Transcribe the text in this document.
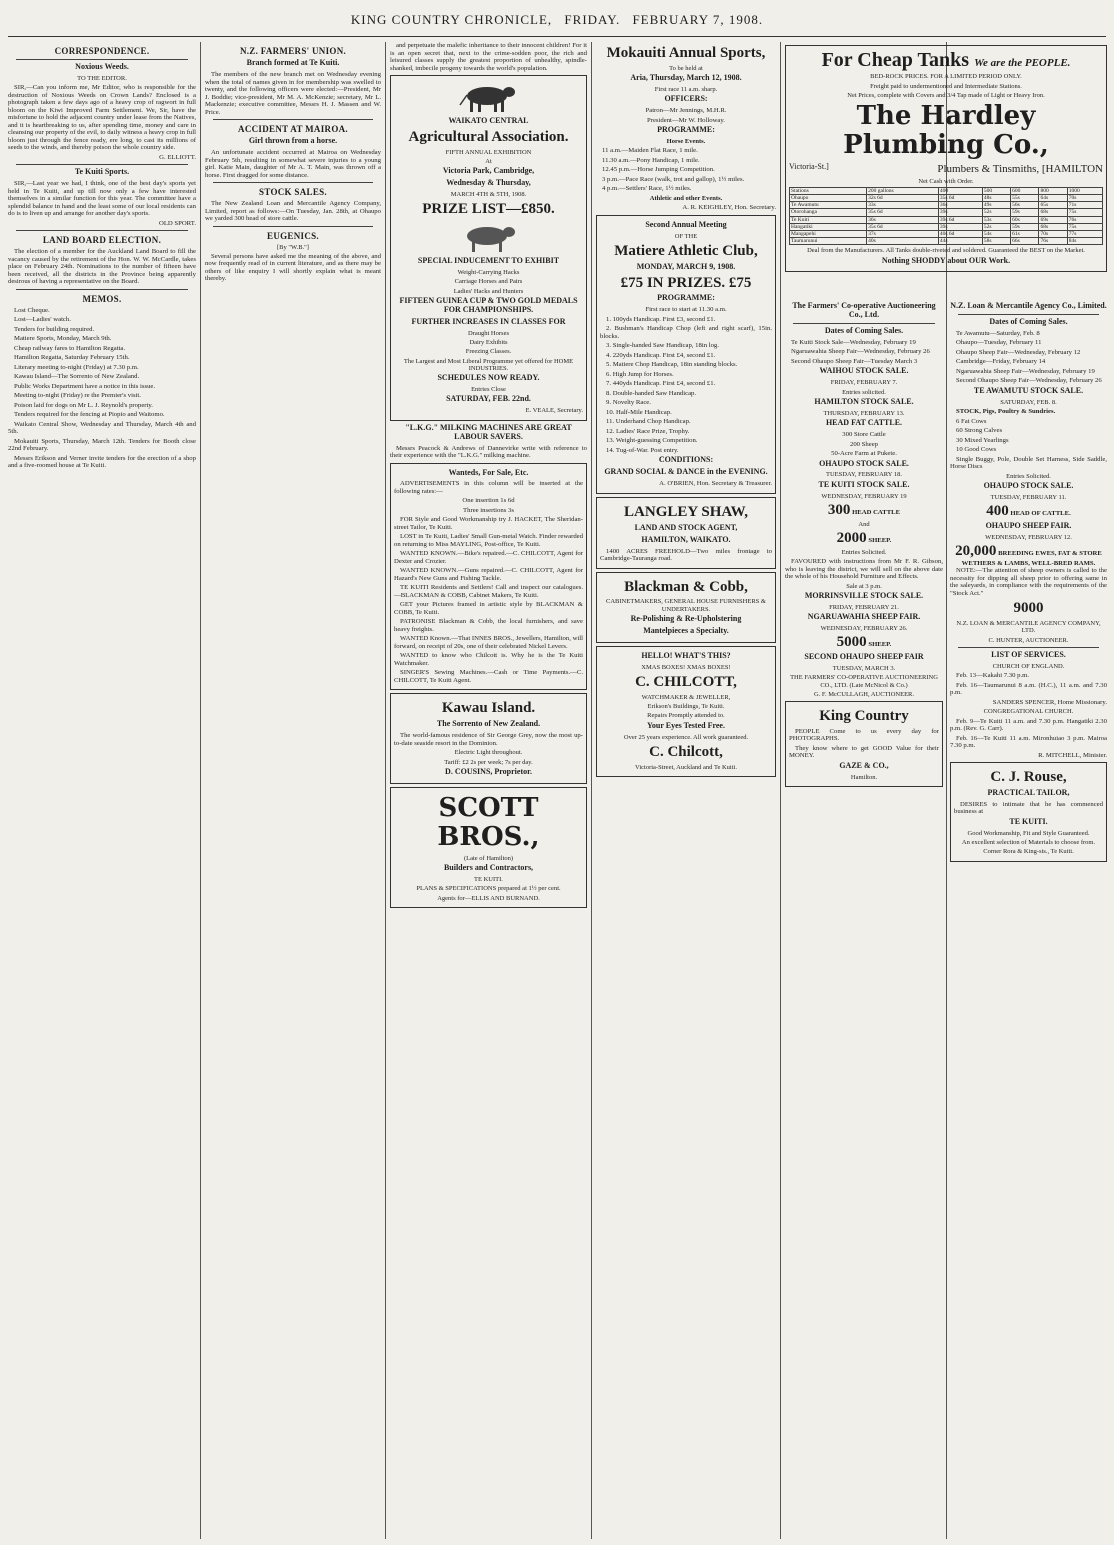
KING COUNTRY CHRONICLE, FRIDAY. FEBRUARY 7, 1908.
CORRESPONDENCE.
Noxious Weeds.
TO THE EDITOR.

SIR,—Can you inform me, Mr Editor, who is responsible for the destruction of Noxious Weeds on Crown Lands? Enclosed is a photograph taken a few days ago of a heavy crop of ragwort in full bloom on the Kiwi Improved Farm Settlement. We, Sir, have the misfortune to hold the adjacent country under lease from the Natives, and it is heartbreaking to us, after spending time, money and care in cleansing our property of the evil, to daily witness a heavy crop in full bloom just through the fence ready, ere long, to cast its millions of seeds to the winds, and thereby poison the whole country side.

G. ELLIOTT.

Te Kuiti Sports.

SIR,—Last year we had, I think, one of the best day's sports yet held in Te Kuiti, and up till now only a few have interested themselves in a similar function for this year. The committee have a splendid balance in hand and the least some of our local residents can do is to liven up and arrange for another day's sports.

OLD SPORT.

LAND BOARD ELECTION.

The election of a member for the Auckland Land Board to fill the vacancy caused by the retirement of the Hon. W. W. McCardle, takes place on February 24th. Nominations to the number of fifteen have been received, all the districts in the Province being apparently desirous of having a representative on the Board.

MEMOS.

Lost Cheque.

Lost—Ladies' watch.

Tenders for building required.

Matiere Sports, Monday, March 9th.

Cheap railway fares to Hamilton Regatta.

Hamilton Regatta, Saturday February 15th.

Literary meeting to-night (Friday) at 7.30 p.m.

Kawau Island—The Sorrento of New Zealand.

Public Works Department have a notice in this issue.

Meeting to-night (Friday) re the Premier's visit.

Poison laid for dogs on Mr L. J. Reynold's property.

Tenders required for the fencing at Piopio and Waitomo.

Waikato Central Show, Wednesday and Thursday, March 4th and 5th.

Mokauiti Sports, Thursday, March 12th. Tenders for Booth close 22nd February.

Messrs Erikson and Verner invite tenders for the erection of a shop and a five-roomed house at Te Kuiti.

N.Z. FARMERS' UNION.
Branch formed at Te Kuiti.

The members of the new branch met on Wednesday evening when the total of names given in for membership was swelled to twenty, and the following officers were elected:—President, Mr J. Boddie; vice-president, Mr M. A. McKenzie; secretary, Mr L. Mackenzie; executive committee, Messrs H. J. Massen and W. Price.

ACCIDENT AT MAIROA.
Girl thrown from a horse.

An unfortunate accident occurred at Mairoa on Wednesday February 5th, resulting in somewhat severe injuries to a young girl. Katie Main, daughter of Mr A. T. Main, was thrown off a horse. First dragged for some distance.

STOCK SALES.

The New Zealand Loan and Mercantile Agency Company, Limited, report as follows:—On Tuesday, Jan. 28th, at Ohaupo we yarded 300 head of store cattle.

EUGENICS.
[By "W.B."]

Several persons have asked me the meaning of the above, and now frequently read of in current literature, and as there may be others of like enquiry I will shortly explain what is meant thereby.

and perpetuate the malefic inheritance to their innocent children! For it is an open secret that, next to the crime-sodden poor, the rich and leisured classes supply the greatest proportion of unhealthy, spindle-shanked, imbecile progeny towards the world's population.

WAIKATO CENTRAL
Agricultural Association.
FIFTH ANNUAL EXHIBITION
At
Victoria Park, Cambridge,
Wednesday & Thursday,
MARCH 4TH & 5TH, 1908.
PRIZE LIST—£850.
SPECIAL INDUCEMENT TO EXHIBIT
Weight-Carrying Hacks
Carriage Horses and Pairs
Ladies' Hacks and Hunters
FIFTEEN GUINEA CUP & TWO GOLD MEDALS FOR CHAMPIONSHIPS.
FURTHER INCREASES IN CLASSES FOR
Draught Horses
Dairy Exhibits
Freezing Classes.
The Largest and Most Liberal Programme yet offered for HOME INDUSTRIES.
SCHEDULES NOW READY.
Entries Close
SATURDAY, FEB. 22nd.
E. VEALE, Secretary.
"L.K.G." MILKING MACHINES ARE GREAT LABOUR SAVERS.

Messrs Peacock & Andrews of Dannevirke write with reference to their experience with the "L.K.G." milking machine.

Wanteds, For Sale, Etc.

ADVERTISEMENTS in this column will be inserted at the following rates:—

One insertion 1s 6d

Three insertions 3s

FOR Style and Good Workmanship try J. HACKET, The Sheridan-street Tailor, Te Kuiti.

LOST in Te Kuiti, Ladies' Small Gun-metal Watch. Finder rewarded on returning to Miss MAYLING, Post-office, Te Kuiti.

WANTED KNOWN.—Bike's repaired.—C. CHILCOTT, Agent for Dexter and Crozier.

WANTED KNOWN.—Guns repaired.—C. CHILCOTT, Agent for Hazard's New Guns and Fishing Tackle.

TE KUITI Residents and Settlers! Call and inspect our catalogues.—BLACKMAN & COBB, Cabinet Makers, Te Kuiti.

GET your Pictures framed in artistic style by BLACKMAN & COBB, Te Kuiti.

PATRONISE Blackman & Cobb, the local furnishers, and save heavy freights.

WANTED Known.—That INNES BROS., Jewellers, Hamilton, will forward, on receipt of 20s, one of their celebrated Nickel Levers.

WANTED to know who Chilcott is. Why he is the Te Kuiti Watchmaker.

SINGER'S Sewing Machines.—Cash or Time Payments.—C. CHILCOTT, Te Kuiti Agent.

Kawau Island.
The Sorrento of New Zealand.

The world-famous residence of Sir George Grey, now the most up-to-date seaside resort in the Dominion.

Electric Light throughout.
Tariff: £2 2s per week; 7s per day.
D. COUSINS, Proprietor.
SCOTT BROS.,
(Late of Hamilton)
Builders and Contractors,
TE KUITI.
PLANS & SPECIFICATIONS prepared at 1½ per cent.
Agents for—ELLIS AND BURNAND.
Mokauiti Annual Sports,
To be held at
Aria, Thursday, March 12, 1908.
First race 11 a.m. sharp.
OFFICERS:

Patron—Mr Jennings, M.H.R.

President—Mr W. Holloway.

PROGRAMME:
Horse Events.

11 a.m.—Maiden Flat Race, 1 mile.

11.30 a.m.—Pony Handicap, 1 mile.

12.45 p.m.—Horse Jumping Competition.

3 p.m.—Pace Race (walk, trot and gallop), 1½ miles.

4 p.m.—Settlers' Race, 1½ miles.

Athletic and other Events.

A. R. KEIGHLEY, Hon. Secretary.

Second Annual Meeting
OF THE
Matiere Athletic Club,
MONDAY, MARCH 9, 1908.
£75 IN PRIZES. £75
PROGRAMME:

First race to start at 11.30 a.m.

1. 100yds Handicap. First £3, second £1.

2. Bushman's Handicap Chop (left and right scarf), 15in. blocks.

3. Single-handed Saw Handicap, 18in log.

4. 220yds Handicap. First £4, second £1.

5. Matiere Chop Handicap, 18in standing blocks.

6. High Jump for Horses.

7. 440yds Handicap. First £4, second £1.

8. Double-handed Saw Handicap.

9. Novelty Race.

10. Half-Mile Handicap.

11. Underhand Chop Handicap.

12. Ladies' Race Prize, Trophy.

13. Weight-guessing Competition.

14. Tug-of-War. Post entry.

CONDITIONS:
GRAND SOCIAL & DANCE in the EVENING.

A. O'BRIEN, Hon. Secretary & Treasurer.

LANGLEY SHAW,
LAND AND STOCK AGENT,
HAMILTON, WAIKATO.

1400 ACRES FREEHOLD—Two miles frontage to Cambridge-Tauranga road.

Blackman & Cobb,
CABINETMAKERS, GENERAL HOUSE FURNISHERS & UNDERTAKERS.
Re-Polishing & Re-Upholstering
Mantelpieces a Specialty.
HELLO! WHAT'S THIS?
XMAS BOXES! XMAS BOXES!
C. CHILCOTT,
WATCHMAKER & JEWELLER,
Erikson's Buildings, Te Kuiti.
Repairs Promptly attended to.
Your Eyes Tested Free.
Over 25 years experience. All work guaranteed.
C. Chilcott,
Victoria-Street, Auckland and Te Kuiti.
For Cheap Tanks We are the PEOPLE.
BED-ROCK PRICES. FOR A LIMITED PERIOD ONLY.
Freight paid to undermentioned and Intermediate Stations.
Net Prices, complete with Covers and 3/4 Tap made of Light or Heavy Iron.
The Hardley Plumbing Co.,
Victoria-St.]	Plumbers & Tinsmiths, [HAMILTON
Net Cash with Order.
Stations	200 gallons	400	500	600	800	1000
Ohaupo	32s 6d	35s 6d	48s	55s	64s	70s
Te Awamutu	33s	36s	49s	56s	65s	71s
Otorohanga	35s 6d	39s	52s	59s	68s	75s
Te Kuiti	36s	39s 6d	53s	60s	69s	76s
Hangatiki	35s 6d	39s	52s	59s	68s	75s
Mangapehi	37s	40s 6d	54s	61s	70s	77s
Taumarunui	40s	44s	58s	66s	76s	84s
Deal from the Manufacturers. All Tanks double-riveted and soldered. Guaranteed the BEST on the Market.
Nothing SHODDY about OUR Work.
The Farmers' Co-operative Auctioneering Co., Ltd.
Dates of Coming Sales.

Te Kuiti Stock Sale—Wednesday, February 19

Ngaruawahia Sheep Fair—Wednesday, February 26

Second Ohaupo Sheep Fair—Tuesday March 3

WAIHOU STOCK SALE.
FRIDAY, FEBRUARY 7.
Entries solicited.
HAMILTON STOCK SALE.
THURSDAY, FEBRUARY 13.
HEAD FAT CATTLE.

300 Store Cattle

200 Sheep

50-Acre Farm at Pukete.

OHAUPO STOCK SALE.
TUESDAY, FEBRUARY 18.
TE KUITI STOCK SALE.
WEDNESDAY, FEBRUARY 19
300 HEAD CATTLE
And
2000 SHEEP.
Entries Solicited.

FAVOURED with instructions from Mr F. R. Gibson, who is leaving the district, we will sell on the above date the whole of his Household Furniture and Effects.

Sale at 3 p.m.
MORRINSVILLE STOCK SALE.
FRIDAY, FEBRUARY 21.
NGARUAWAHIA SHEEP FAIR.
WEDNESDAY, FEBRUARY 26.
5000 SHEEP.
SECOND OHAUPO SHEEP FAIR
TUESDAY, MARCH 3.
THE FARMERS' CO-OPERATIVE AUCTIONEERING CO., LTD. (Late McNicol & Co.)
G. F. McCULLAGH, AUCTIONEER.
King Country

PEOPLE Come to us every day for PHOTOGRAPHS.

They know where to get GOOD Value for their MONEY.

GAZE & CO.,
Hamilton.
N.Z. Loan & Mercantile Agency Co., Limited.
Dates of Coming Sales.

Te Awamutu—Saturday, Feb. 8

Ohaupo—Tuesday, February 11

Ohaupo Sheep Fair—Wednesday, February 12

Cambridge—Friday, February 14

Ngaruawahia Sheep Fair—Wednesday, February 19

Second Ohaupo Sheep Fair—Wednesday, February 26

TE AWAMUTU STOCK SALE.
SATURDAY, FEB. 8.

STOCK, Pigs, Poultry & Sundries.

6 Fat Cows

60 Strong Calves

30 Mixed Yearlings

10 Good Cows

Single Buggy, Pole, Double Set Harness, Side Saddle, Horse Discs

Entries Solicited.
OHAUPO STOCK SALE.
TUESDAY, FEBRUARY 11.
400 HEAD OF CATTLE.
OHAUPO SHEEP FAIR.
WEDNESDAY, FEBRUARY 12.
20,000 BREEDING EWES, FAT & STORE WETHERS & LAMBS, WELL-BRED RAMS.

NOTE:—The attention of sheep owners is called to the necessity for dipping all sheep prior to offering same in the saleyards, in compliance with the requirements of the "Stock Act."

9000
N.Z. LOAN & MERCANTILE AGENCY COMPANY, LTD.
C. HUNTER, AUCTIONEER.
LIST OF SERVICES.
CHURCH OF ENGLAND.

Feb. 13—Kakahi 7.30 p.m.

Feb. 16—Taumarunui 8 a.m. (H.C.), 11 a.m. and 7.30 p.m.

SANDERS SPENCER, Home Missionary.

CONGREGATIONAL CHURCH.

Feb. 9—Te Kuiti 11 a.m. and 7.30 p.m. Hangatiki 2.30 p.m. (Rev. G. Carr).

Feb. 16—Te Kuiti 11 a.m. Mironhuiao 3 p.m. Mairoa 7.30 p.m.

R. MITCHELL, Minister.

C. J. Rouse,
PRACTICAL TAILOR,

DESIRES to intimate that he has commenced business at

TE KUITI.
Good Workmanship, Fit and Style Guaranteed.
An excellent selection of Materials to choose from.
Corner Rora & King-sts., Te Kuiti.
